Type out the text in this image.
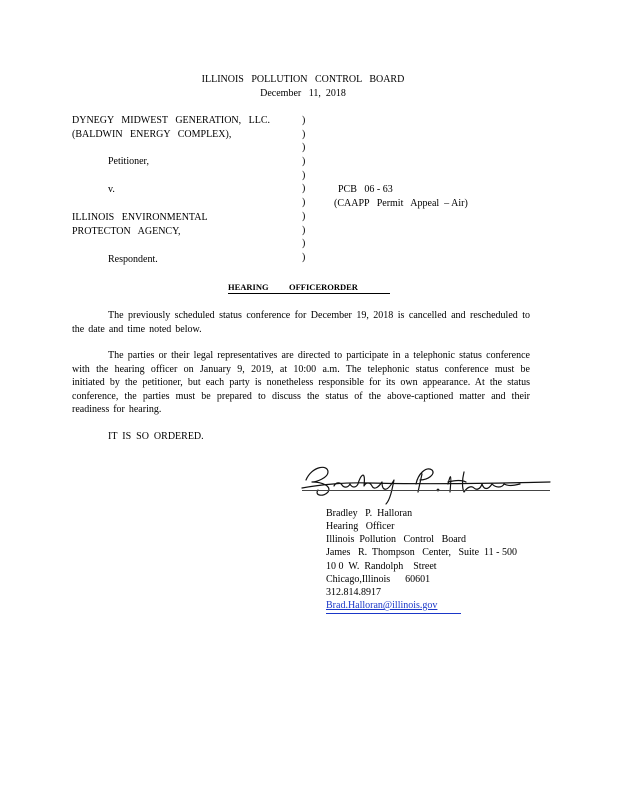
ILLINOIS   POLLUTION   CONTROL   BOARD
December   11,  2018
DYNEGY   MIDWEST   GENERATION,   LLC.
(BALDWIN   ENERGY   COMPLEX),
Petitioner,
v.
ILLINOIS   ENVIRONMENTAL
PROTECTON   AGENCY,
Respondent.
)
)
)
)
)
)
)
)
)
)
)
PCB   06 - 63
(CAAPP   Permit   Appeal  – Air)
HEARING OFFICERORDER
The previously scheduled status conference for December 19, 2018 is cancelled and rescheduled to the date and time noted below.
The parties or their legal representatives are directed to participate in a telephonic status conference with the hearing officer on January 9, 2019, at 10:00 a.m. The telephonic status conference must be initiated by the petitioner, but each party is nonetheless responsible for its own appearance. At the status conference, the parties must be prepared to discuss the status of the above-captioned matter and their readiness for hearing.
IT  IS  SO  ORDERED.
Bradley   P.  Halloran
Hearing   Officer
Illinois  Pollution   Control   Board
James   R.  Thompson   Center,   Suite  11 - 500
10 0  W.  Randolph    Street
Chicago,Illinois      60601
312.814.8917
Brad.Halloran@illinois.gov
